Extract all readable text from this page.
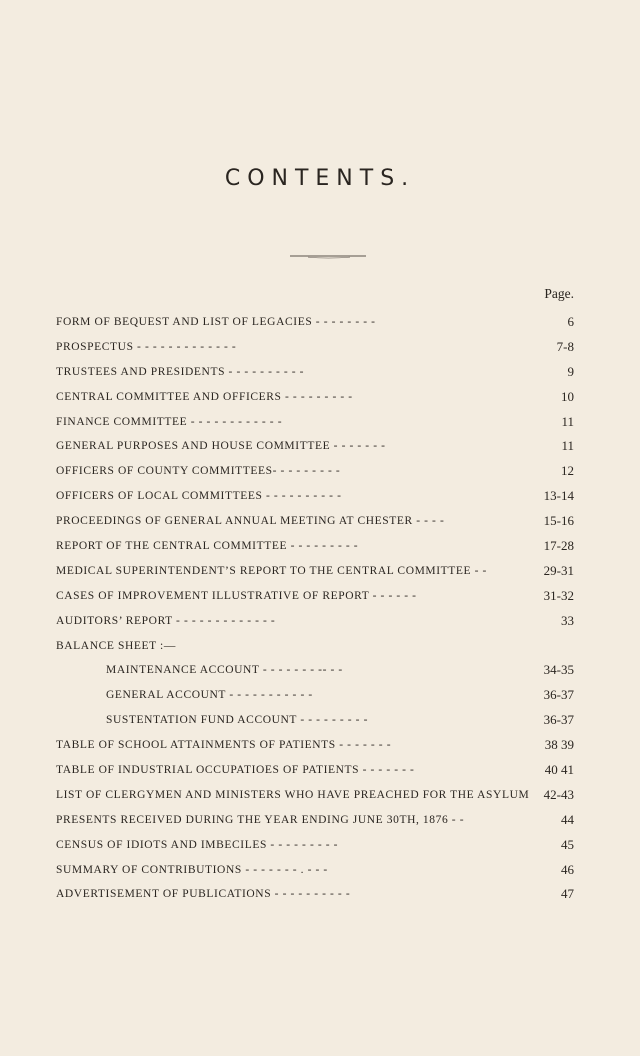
CONTENTS.
Page.
FORM OF BEQUEST AND LIST OF LEGACIES - - - - - - - -	6
PROSPECTUS - - - - - - - - - - - - -	7-8
TRUSTEES AND PRESIDENTS - - - - - - - - - -	9
CENTRAL COMMITTEE AND OFFICERS - - - - - - - - -	10
FINANCE COMMITTEE - - - - - - - - - - - -	11
GENERAL PURPOSES AND HOUSE COMMITTEE - - - - - - -	11
OFFICERS OF COUNTY COMMITTEES- - - - - - - - -	12
OFFICERS OF LOCAL COMMITTEES - - - - - - - - - -	13-14
PROCEEDINGS OF GENERAL ANNUAL MEETING AT CHESTER - - - -	15-16
REPORT OF THE CENTRAL COMMITTEE - - - - - - - - -	17-28
MEDICAL SUPERINTENDENT’S REPORT TO THE CENTRAL COMMITTEE - -	29-31
CASES OF IMPROVEMENT ILLUSTRATIVE OF REPORT - - - - - -	31-32
AUDITORS’ REPORT - - - - - - - - - - - - -	33
BALANCE SHEET :—
MAINTENANCE ACCOUNT - - - - - - - -- - -	34-35
GENERAL ACCOUNT - - - - - - - - - - -	36-37
SUSTENTATION FUND ACCOUNT - - - - - - - - -	36-37
TABLE OF SCHOOL ATTAINMENTS OF PATIENTS - - - - - - -	38 39
TABLE OF INDUSTRIAL OCCUPATIOES OF PATIENTS - - - - - - -	40 41
LIST OF CLERGYMEN AND MINISTERS WHO HAVE PREACHED FOR THE ASYLUM 42-43
PRESENTS RECEIVED DURING THE YEAR ENDING JUNE 30TH, 1876 - -	44
CENSUS OF IDIOTS AND IMBECILES - - - - - - - - -	45
SUMMARY OF CONTRIBUTIONS - - - - - - - . - - -	46
ADVERTISEMENT OF PUBLICATIONS - - - - - - - - - -	47
